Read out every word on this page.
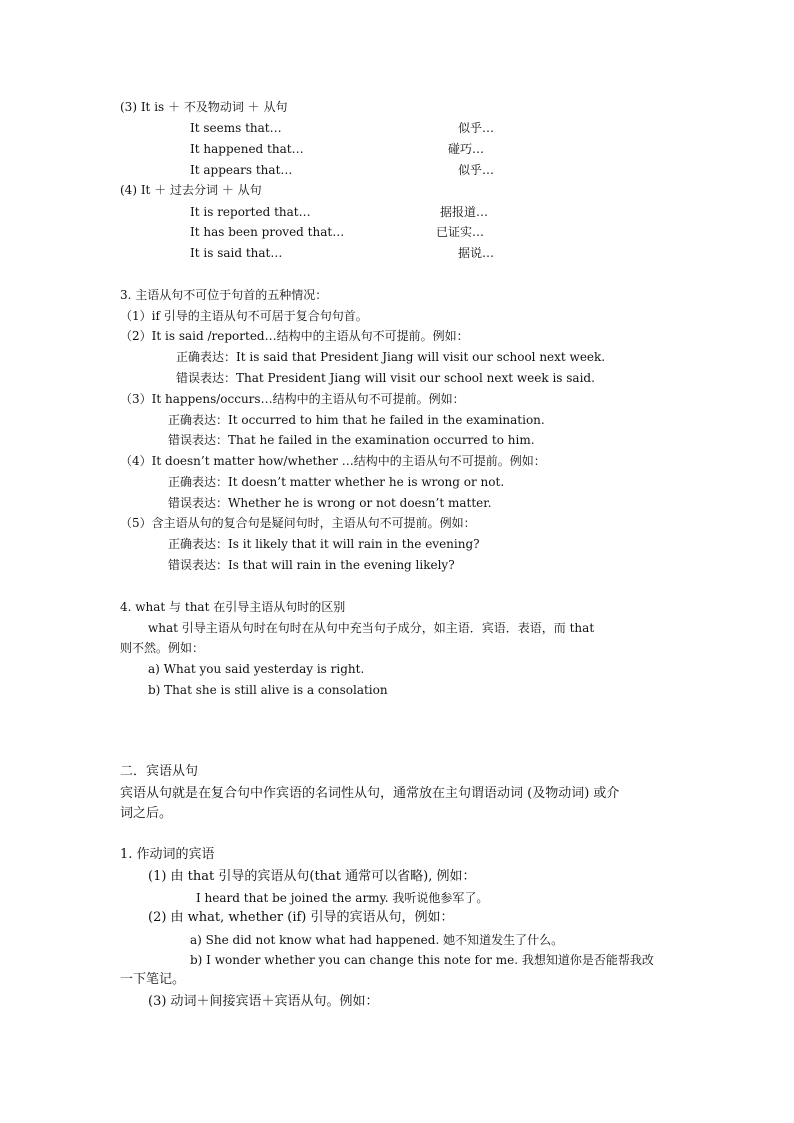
(3) It is ＋ 不及物动词 ＋ 从句
It seems that…	似乎…
It happened that…	碰巧…
It appears that…	似乎…
(4) It ＋ 过去分词 ＋ 从句
It is reported that…	据报道…
It has been proved that…	已证实…
It is said that…	据说…
3. 主语从句不可位于句首的五种情况：
（1）if 引导的主语从句不可居于复合句句首。
（2）It is said /reported…结构中的主语从句不可提前。例如：
正确表达：It is said that President Jiang will visit our school next week.
错误表达：That President Jiang will visit our school next week is said.
（3）It happens/occurs…结构中的主语从句不可提前。例如：
正确表达：It occurred to him that he failed in the examination.
错误表达：That he failed in the examination occurred to him.
（4）It doesn’t matter how/whether …结构中的主语从句不可提前。例如：
正确表达：It doesn’t matter whether he is wrong or not.
错误表达：Whether he is wrong or not doesn’t matter.
（5）含主语从句的复合句是疑问句时，主语从句不可提前。例如：
正确表达：Is it likely that it will rain in the evening?
错误表达：Is that will rain in the evening likely?
4. what 与 that 在引导主语从句时的区别
what 引导主语从句时在句时在从句中充当句子成分，如主语．宾语．表语，而 that
则不然。例如：
a) What you said yesterday is right.
b) That she is still alive is a consolation
二．宾语从句
宾语从句就是在复合句中作宾语的名词性从句，通常放在主句谓语动词 (及物动词) 或介
词之后。
1. 作动词的宾语
(1) 由 that 引导的宾语从句(that 通常可以省略), 例如：
I heard that be joined the army. 我听说他参军了。
(2) 由 what, whether (if) 引导的宾语从句，例如：
a) She did not know what had happened. 她不知道发生了什么。
b) I wonder whether you can change this note for me. 我想知道你是否能帮我改
一下笔记。
(3) 动词＋间接宾语＋宾语从句。例如：
